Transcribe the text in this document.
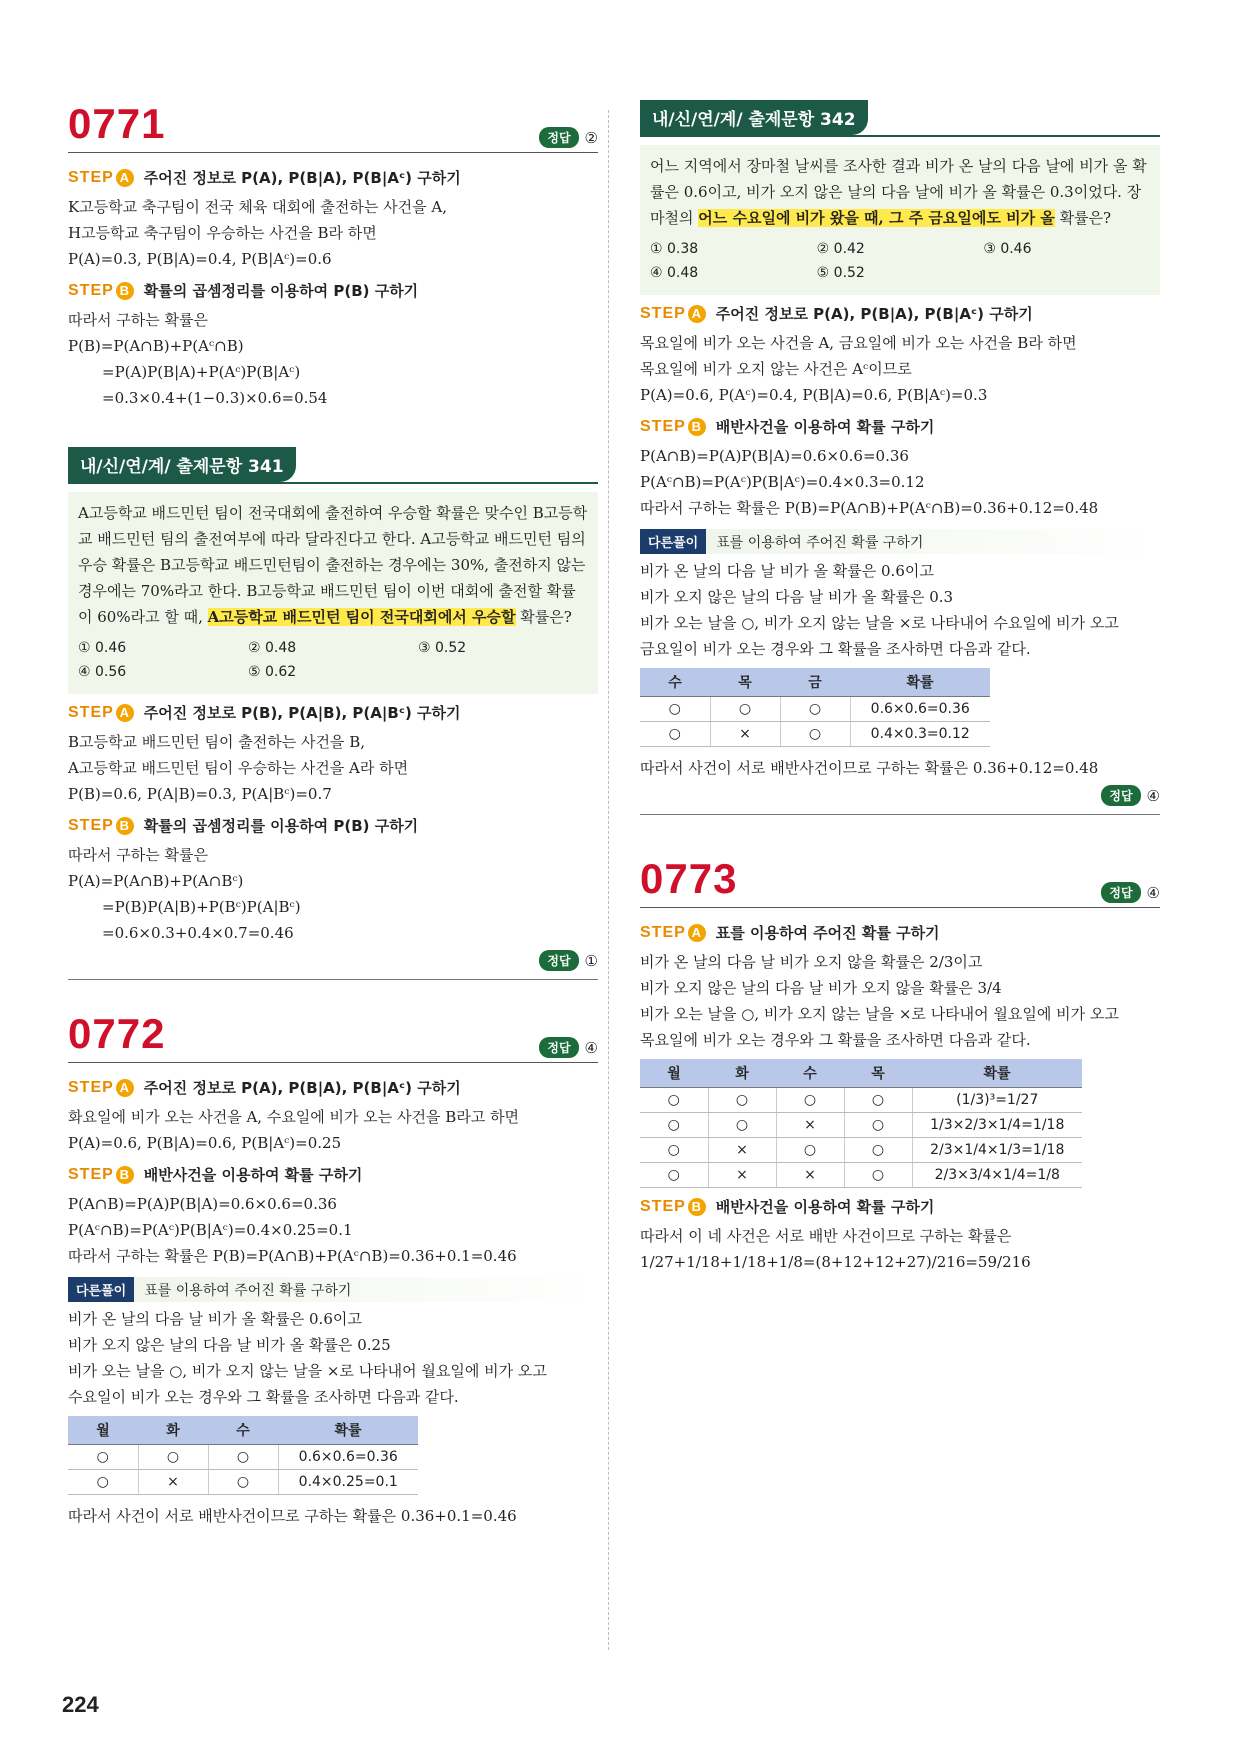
0771	정답 ②
STEP A 주어진 정보로 P(A), P(B|A), P(B|Aᶜ) 구하기
K고등학교 축구팀이 전국 체육 대회에 출전하는 사건을 A,
H고등학교 축구팀이 우승하는 사건을 B라 하면
P(A)=0.3, P(B|A)=0.4, P(B|Aᶜ)=0.6
STEP B 확률의 곱셈정리를 이용하여 P(B) 구하기
따라서 구하는 확률은
P(B)=P(A∩B)+P(Aᶜ∩B)
=P(A)P(B|A)+P(Aᶜ)P(B|Aᶜ)
=0.3×0.4+(1−0.3)×0.6=0.54
내/신/연/계/ 출제문항 341
A고등학교 배드민턴 팀이 전국대회에 출전하여 우승할 확률은 맞수인 B고등학교 배드민턴 팀의 출전여부에 따라 달라진다고 한다. A고등학교 배드민턴 팀의 우승 확률은 B고등학교 배드민턴팀이 출전하는 경우에는 30%, 출전하지 않는 경우에는 70%라고 한다. B고등학교 배드민턴 팀이 이번 대회에 출전할 확률이 60%라고 할 때, A고등학교 배드민턴 팀이 전국대회에서 우승할 확률은?
① 0.46	② 0.48	③ 0.52
④ 0.56	⑤ 0.62
STEP A 주어진 정보로 P(B), P(A|B), P(A|Bᶜ) 구하기
B고등학교 배드민턴 팀이 출전하는 사건을 B,
A고등학교 배드민턴 팀이 우승하는 사건을 A라 하면
P(B)=0.6, P(A|B)=0.3, P(A|Bᶜ)=0.7
STEP B 확률의 곱셈정리를 이용하여 P(B) 구하기
따라서 구하는 확률은
P(A)=P(A∩B)+P(A∩Bᶜ)
=P(B)P(A|B)+P(Bᶜ)P(A|Bᶜ)
=0.6×0.3+0.4×0.7=0.46
정답 ①
0772	정답 ④
STEP A 주어진 정보로 P(A), P(B|A), P(B|Aᶜ) 구하기
화요일에 비가 오는 사건을 A, 수요일에 비가 오는 사건을 B라고 하면
P(A)=0.6, P(B|A)=0.6, P(B|Aᶜ)=0.25
STEP B 배반사건을 이용하여 확률 구하기
P(A∩B)=P(A)P(B|A)=0.6×0.6=0.36
P(Aᶜ∩B)=P(Aᶜ)P(B|Aᶜ)=0.4×0.25=0.1
따라서 구하는 확률은 P(B)=P(A∩B)+P(Aᶜ∩B)=0.36+0.1=0.46
다른풀이	표를 이용하여 주어진 확률 구하기
비가 온 날의 다음 날 비가 올 확률은 0.6이고
비가 오지 않은 날의 다음 날 비가 올 확률은 0.25
비가 오는 날을 ○, 비가 오지 않는 날을 ×로 나타내어 월요일에 비가 오고
수요일이 비가 오는 경우와 그 확률을 조사하면 다음과 같다.
월	화	수	확률
○	○	○	0.6×0.6=0.36
○	×	○	0.4×0.25=0.1
따라서 사건이 서로 배반사건이므로 구하는 확률은 0.36+0.1=0.46
내/신/연/계/ 출제문항 342
어느 지역에서 장마철 날씨를 조사한 결과 비가 온 날의 다음 날에 비가 올 확률은 0.6이고, 비가 오지 않은 날의 다음 날에 비가 올 확률은 0.3이었다. 장마철의 어느 수요일에 비가 왔을 때, 그 주 금요일에도 비가 올 확률은?
① 0.38	② 0.42	③ 0.46
④ 0.48	⑤ 0.52
STEP A 주어진 정보로 P(A), P(B|A), P(B|Aᶜ) 구하기
목요일에 비가 오는 사건을 A, 금요일에 비가 오는 사건을 B라 하면
목요일에 비가 오지 않는 사건은 Aᶜ이므로
P(A)=0.6, P(Aᶜ)=0.4, P(B|A)=0.6, P(B|Aᶜ)=0.3
STEP B 배반사건을 이용하여 확률 구하기
P(A∩B)=P(A)P(B|A)=0.6×0.6=0.36
P(Aᶜ∩B)=P(Aᶜ)P(B|Aᶜ)=0.4×0.3=0.12
따라서 구하는 확률은 P(B)=P(A∩B)+P(Aᶜ∩B)=0.36+0.12=0.48
다른풀이	표를 이용하여 주어진 확률 구하기
비가 온 날의 다음 날 비가 올 확률은 0.6이고
비가 오지 않은 날의 다음 날 비가 올 확률은 0.3
비가 오는 날을 ○, 비가 오지 않는 날을 ×로 나타내어 수요일에 비가 오고
금요일이 비가 오는 경우와 그 확률을 조사하면 다음과 같다.
수	목	금	확률
○	○	○	0.6×0.6=0.36
○	×	○	0.4×0.3=0.12
따라서 사건이 서로 배반사건이므로 구하는 확률은 0.36+0.12=0.48
정답 ④
0773	정답 ④
STEP A 표를 이용하여 주어진 확률 구하기
비가 온 날의 다음 날 비가 오지 않을 확률은 2/3이고
비가 오지 않은 날의 다음 날 비가 오지 않을 확률은 3/4
비가 오는 날을 ○, 비가 오지 않는 날을 ×로 나타내어 월요일에 비가 오고
목요일에 비가 오는 경우와 그 확률을 조사하면 다음과 같다.
월	화	수	목	확률
○	○	○	○	(1/3)³=1/27
○	○	×	○	1/3×2/3×1/4=1/18
○	×	○	○	2/3×1/4×1/3=1/18
○	×	×	○	2/3×3/4×1/4=1/8
STEP B 배반사건을 이용하여 확률 구하기
따라서 이 네 사건은 서로 배반 사건이므로 구하는 확률은
1/27+1/18+1/18+1/8=(8+12+12+27)/216=59/216
224
